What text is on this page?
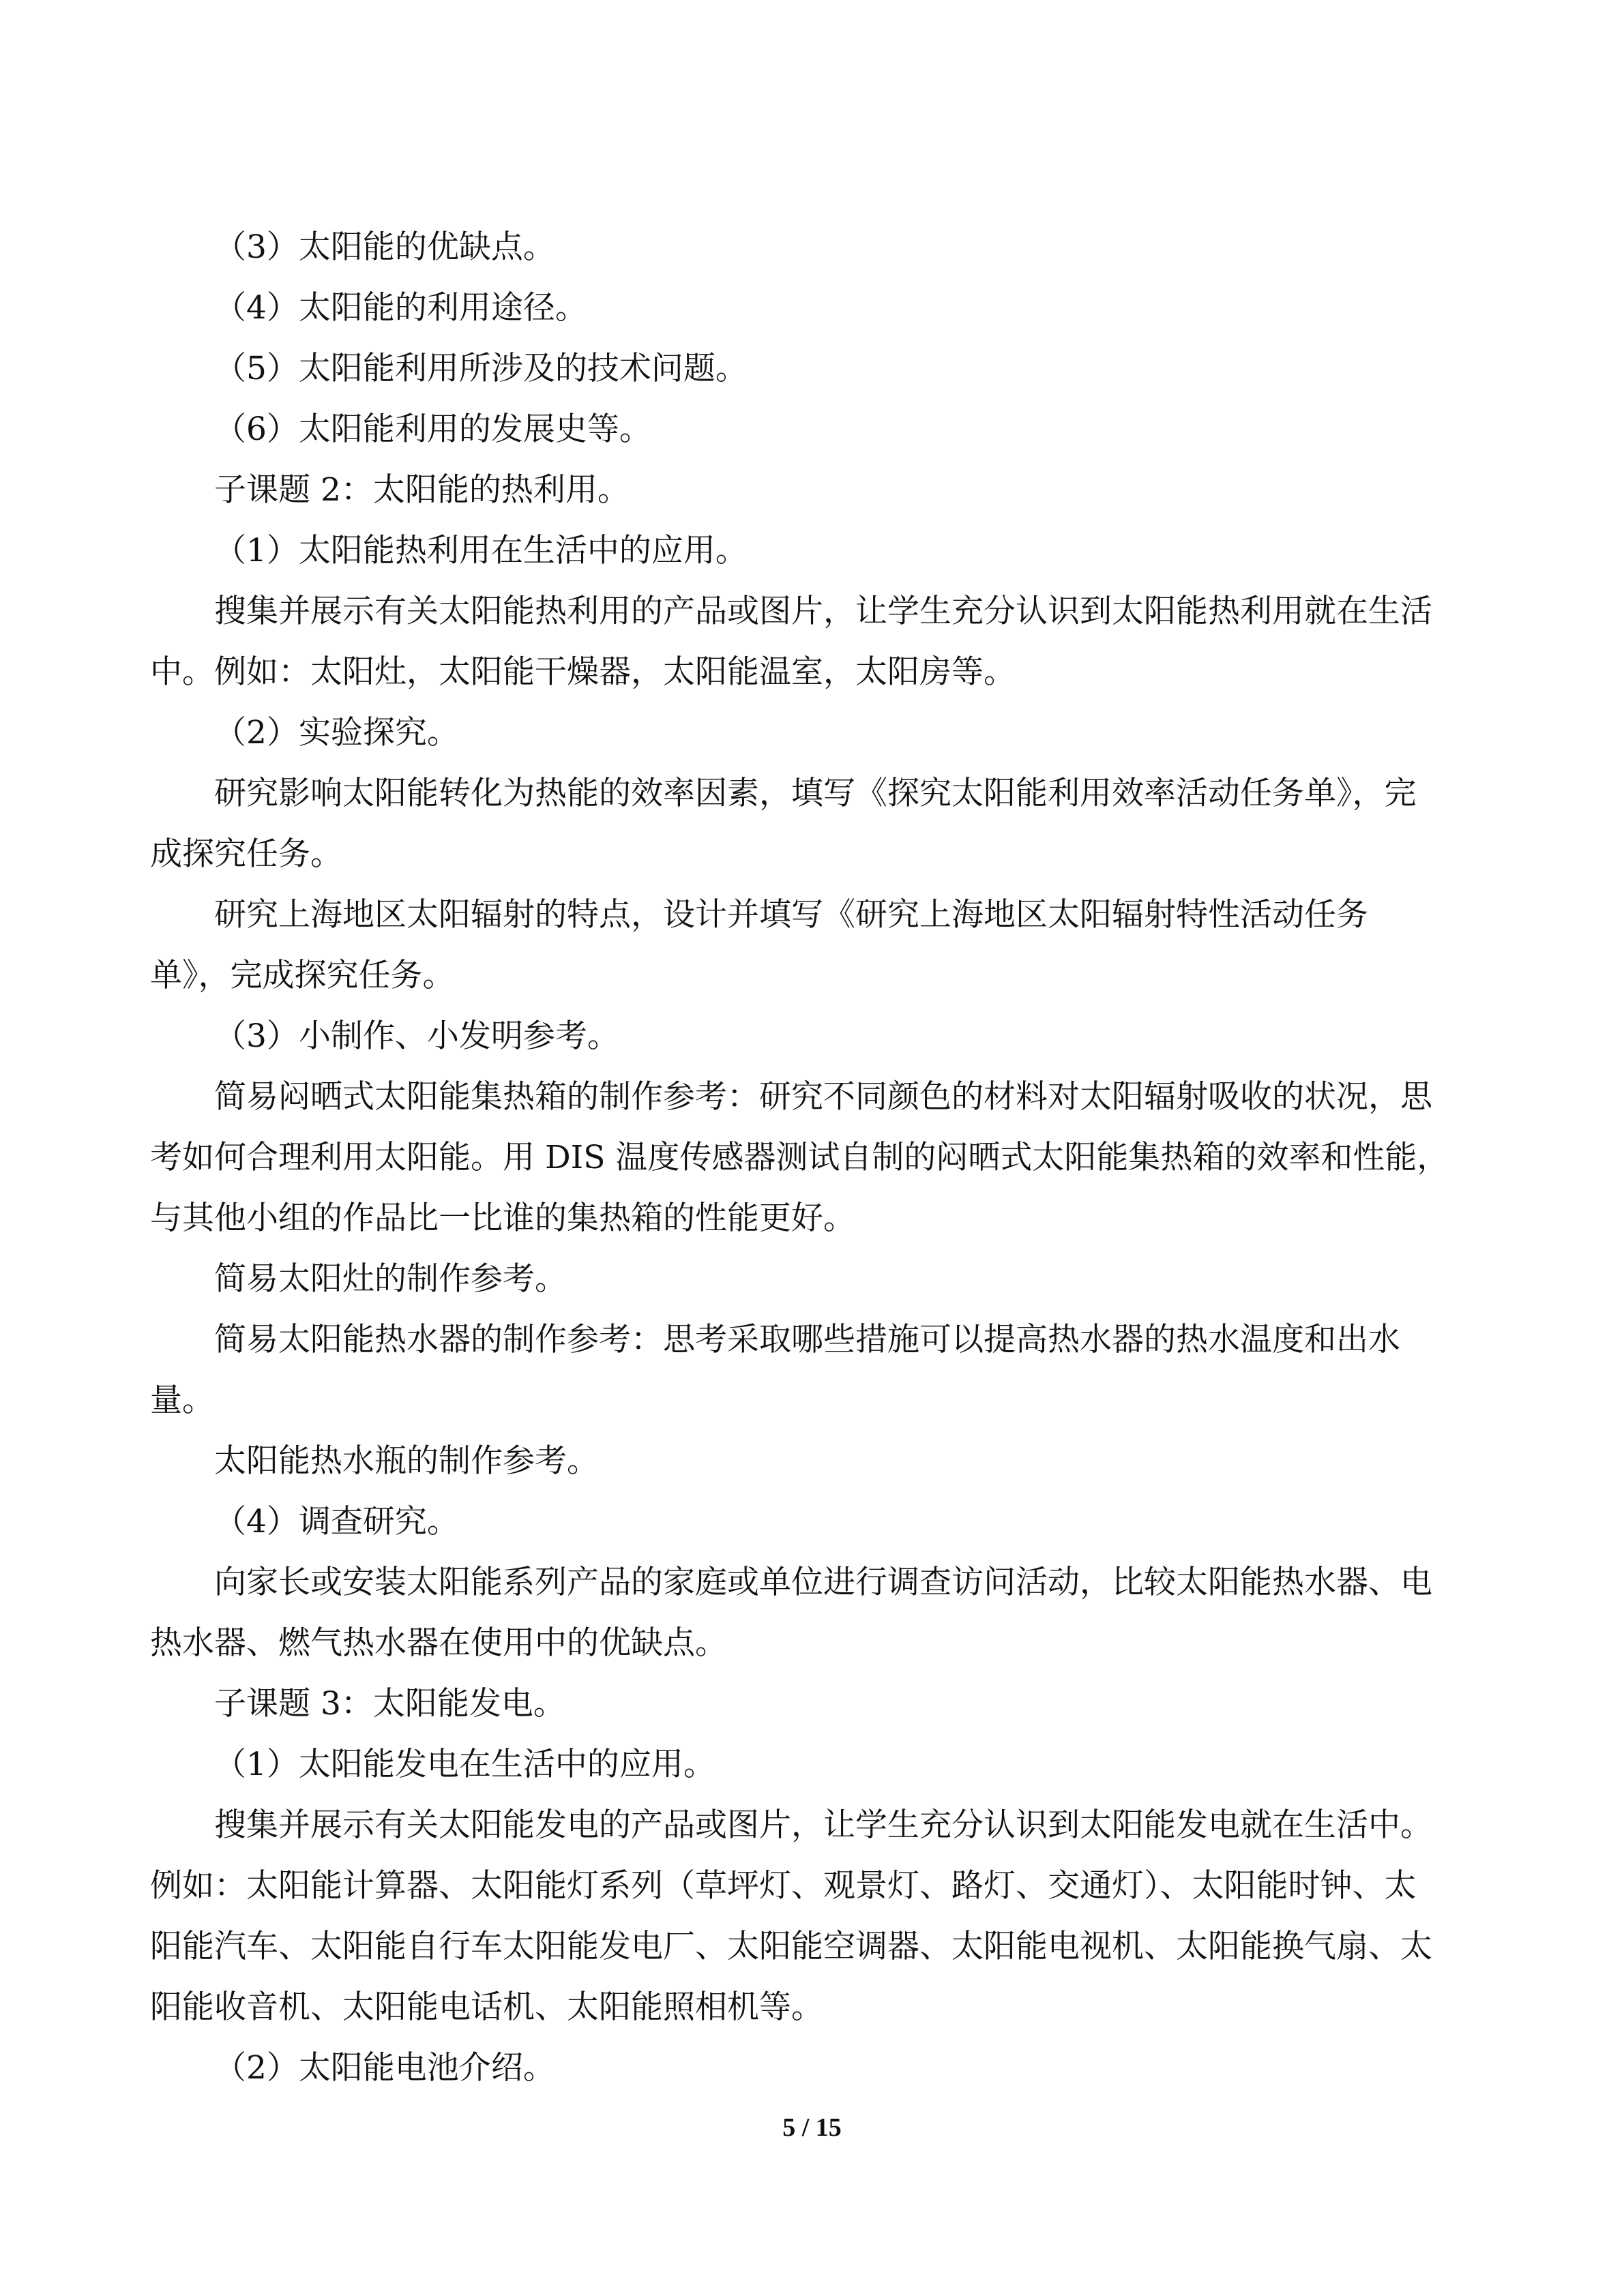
（3）太阳能的优缺点。
（4）太阳能的利用途径。
（5）太阳能利用所涉及的技术问题。
（6）太阳能利用的发展史等。
子课题 2：太阳能的热利用。
（1）太阳能热利用在生活中的应用。
搜集并展示有关太阳能热利用的产品或图片，让学生充分认识到太阳能热利用就在生活
中。例如：太阳灶，太阳能干燥器，太阳能温室，太阳房等。
（2）实验探究。
研究影响太阳能转化为热能的效率因素，填写《探究太阳能利用效率活动任务单》，完
成探究任务。
研究上海地区太阳辐射的特点，设计并填写《研究上海地区太阳辐射特性活动任务
单》，完成探究任务。
（3）小制作、小发明参考。
简易闷晒式太阳能集热箱的制作参考：研究不同颜色的材料对太阳辐射吸收的状况，思
考如何合理利用太阳能。用 DIS 温度传感器测试自制的闷晒式太阳能集热箱的效率和性能，
与其他小组的作品比一比谁的集热箱的性能更好。
简易太阳灶的制作参考。
简易太阳能热水器的制作参考：思考采取哪些措施可以提高热水器的热水温度和出水
量。
太阳能热水瓶的制作参考。
（4）调查研究。
向家长或安装太阳能系列产品的家庭或单位进行调查访问活动，比较太阳能热水器、电
热水器、燃气热水器在使用中的优缺点。
子课题 3：太阳能发电。
（1）太阳能发电在生活中的应用。
搜集并展示有关太阳能发电的产品或图片，让学生充分认识到太阳能发电就在生活中。
例如：太阳能计算器、太阳能灯系列（草坪灯、观景灯、路灯、交通灯）、太阳能时钟、太
阳能汽车、太阳能自行车太阳能发电厂、太阳能空调器、太阳能电视机、太阳能换气扇、太
阳能收音机、太阳能电话机、太阳能照相机等。
（2）太阳能电池介绍。
5 / 15
